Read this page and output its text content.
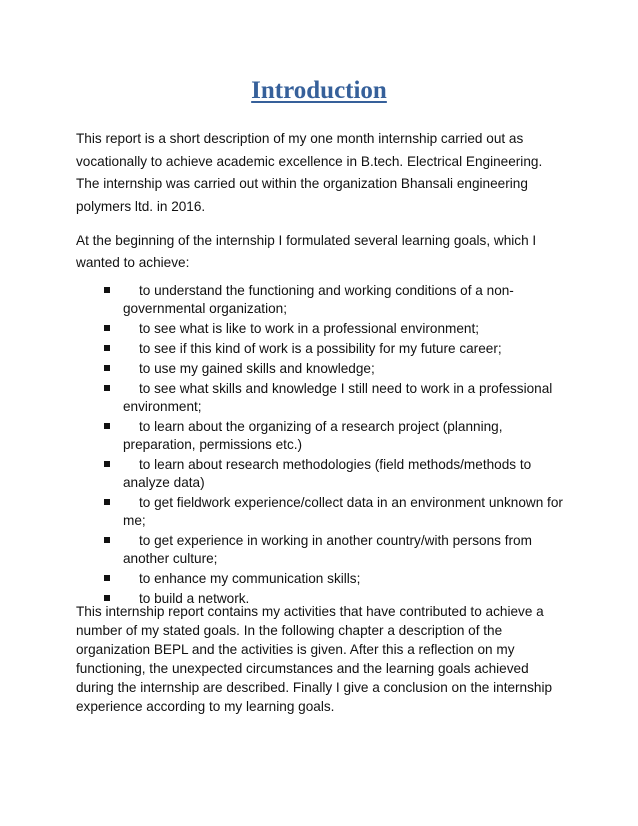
Introduction

This report is a short description of my one month internship carried out as vocationally to achieve academic excellence in B.tech. Electrical Engineering. The internship was carried out within the organization Bhansali engineering polymers ltd. in 2016.

At the beginning of the internship I formulated several learning goals, which I wanted to achieve:

to understand the functioning and working conditions of a non-governmental organization;
to see what is like to work in a professional environment;
to see if this kind of work is a possibility for my future career;
to use my gained skills and knowledge;
to see what skills and knowledge I still need to work in a professional environment;
to learn about the organizing of a research project (planning, preparation, permissions etc.)
to learn about research methodologies (field methods/methods to analyze data)
to get fieldwork experience/collect data in an environment unknown for me;
to get experience in working in another country/with persons from another culture;
to enhance my communication skills;
to build a network.

This internship report contains my activities that have contributed to achieve a number of my stated goals. In the following chapter a description of the organization BEPL and the activities is given. After this a reflection on my functioning, the unexpected circumstances and the learning goals achieved during the internship are described. Finally I give a conclusion on the internship experience according to my learning goals.
